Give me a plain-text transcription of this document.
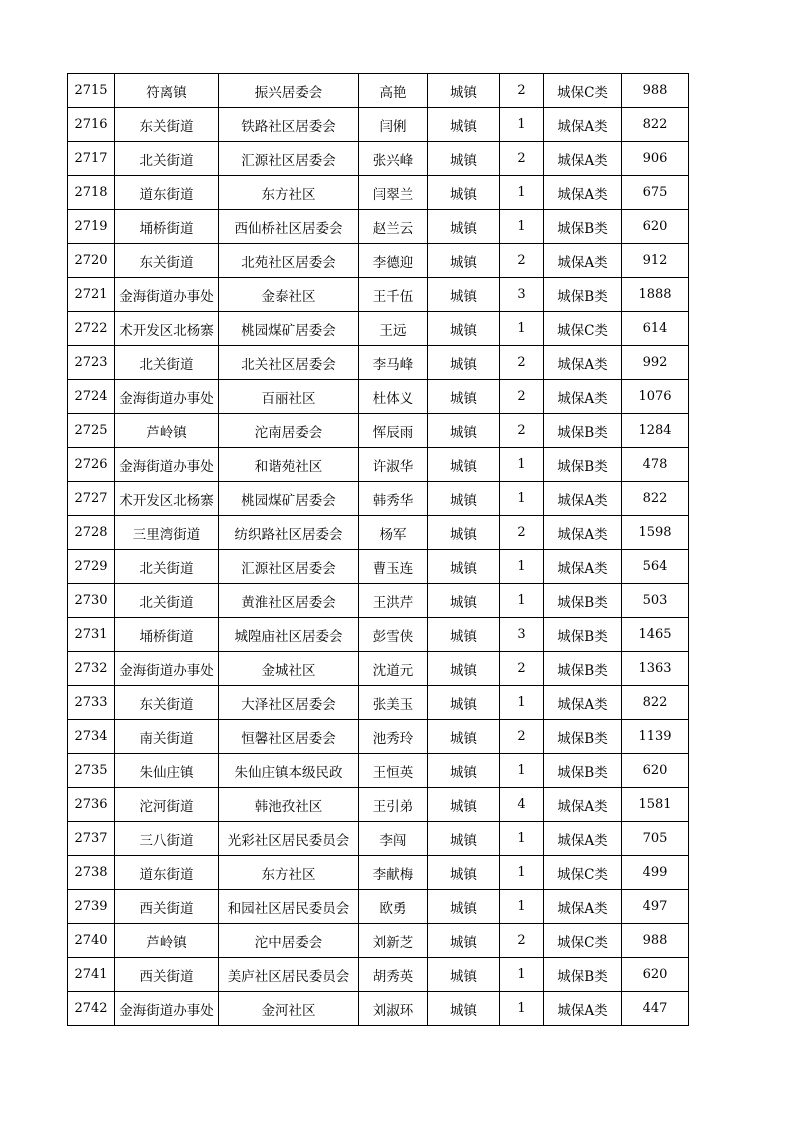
2715	符离镇	振兴居委会	高艳	城镇	2	城保C类	988
2716	东关街道	铁路社区居委会	闫俐	城镇	1	城保A类	822
2717	北关街道	汇源社区居委会	张兴峰	城镇	2	城保A类	906
2718	道东街道	东方社区	闫翠兰	城镇	1	城保A类	675
2719	埇桥街道	西仙桥社区居委会	赵兰云	城镇	1	城保B类	620
2720	东关街道	北苑社区居委会	李德迎	城镇	2	城保A类	912
2721	金海街道办事处	金泰社区	王千伍	城镇	3	城保B类	1888
2722	术开发区北杨寨	桃园煤矿居委会	王远	城镇	1	城保C类	614
2723	北关街道	北关社区居委会	李马峰	城镇	2	城保A类	992
2724	金海街道办事处	百丽社区	杜体义	城镇	2	城保A类	1076
2725	芦岭镇	沱南居委会	恽辰雨	城镇	2	城保B类	1284
2726	金海街道办事处	和谐苑社区	许淑华	城镇	1	城保B类	478
2727	术开发区北杨寨	桃园煤矿居委会	韩秀华	城镇	1	城保A类	822
2728	三里湾街道	纺织路社区居委会	杨军	城镇	2	城保A类	1598
2729	北关街道	汇源社区居委会	曹玉连	城镇	1	城保A类	564
2730	北关街道	黄淮社区居委会	王洪芹	城镇	1	城保B类	503
2731	埇桥街道	城隍庙社区居委会	彭雪侠	城镇	3	城保B类	1465
2732	金海街道办事处	金城社区	沈道元	城镇	2	城保B类	1363
2733	东关街道	大泽社区居委会	张美玉	城镇	1	城保A类	822
2734	南关街道	恒馨社区居委会	池秀玲	城镇	2	城保B类	1139
2735	朱仙庄镇	朱仙庄镇本级民政	王恒英	城镇	1	城保B类	620
2736	沱河街道	韩池孜社区	王引弟	城镇	4	城保A类	1581
2737	三八街道	光彩社区居民委员会	李闯	城镇	1	城保A类	705
2738	道东街道	东方社区	李献梅	城镇	1	城保C类	499
2739	西关街道	和园社区居民委员会	欧勇	城镇	1	城保A类	497
2740	芦岭镇	沱中居委会	刘新芝	城镇	2	城保C类	988
2741	西关街道	美庐社区居民委员会	胡秀英	城镇	1	城保B类	620
2742	金海街道办事处	金河社区	刘淑环	城镇	1	城保A类	447
